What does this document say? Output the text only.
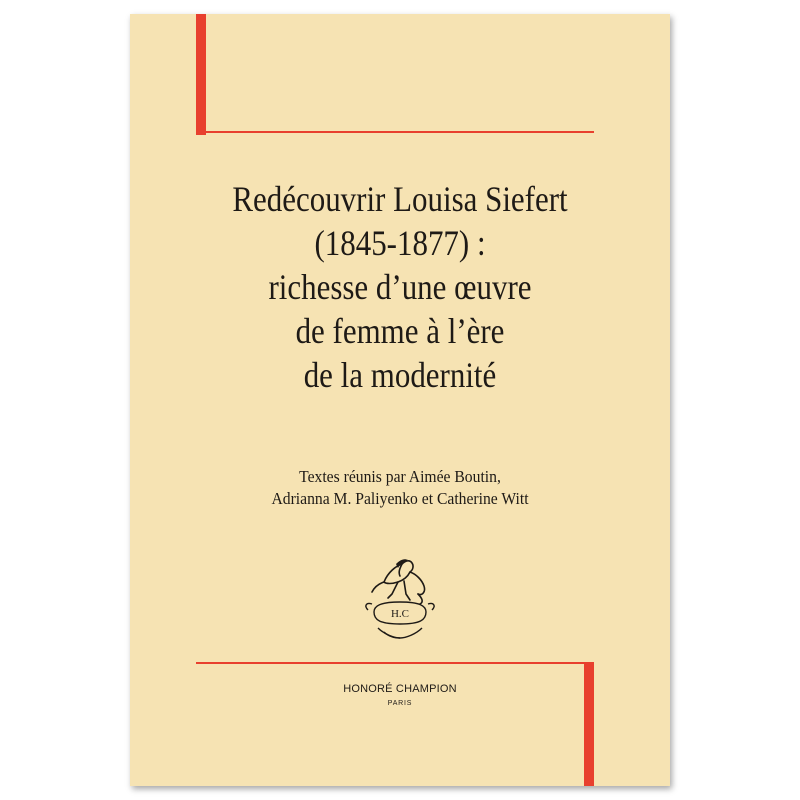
Redécouvrir Louisa Siefert
(1845-1877) :
richesse d’une œuvre
de femme à l’ère
de la modernité
Textes réunis par Aimée Boutin,
Adrianna M. Paliyenko et Catherine Witt
H.C
HONORÉ CHAMPION
PARIS
